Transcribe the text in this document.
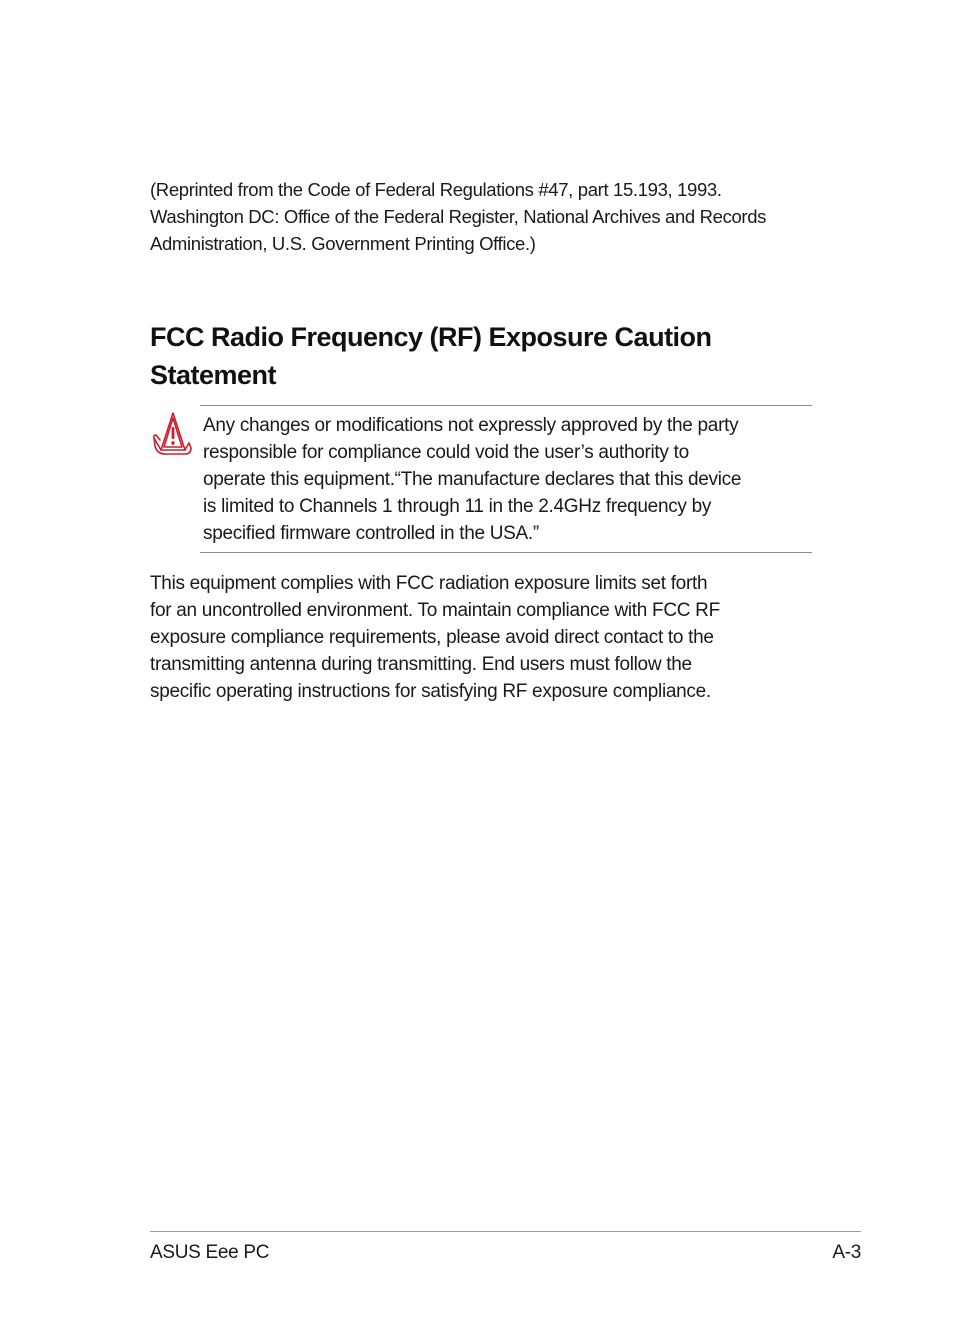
(Reprinted from the Code of Federal Regulations #47, part 15.193, 1993.
Washington DC: Office of the Federal Register, National Archives and Records
Administration, U.S. Government Printing Office.)

FCC Radio Frequency (RF) Exposure Caution
Statement

Any changes or modifications not expressly approved by the party
responsible for compliance could void the user’s authority to
operate this equipment.“The manufacture declares that this device
is limited to Channels 1 through 11 in the 2.4GHz frequency by
specified firmware controlled in the USA.”

This equipment complies with FCC radiation exposure limits set forth
for an uncontrolled environment. To maintain compliance with FCC RF
exposure compliance requirements, please avoid direct contact to the
transmitting antenna during transmitting. End users must follow the
specific operating instructions for satisfying RF exposure compliance.

ASUS Eee PC	A-3
